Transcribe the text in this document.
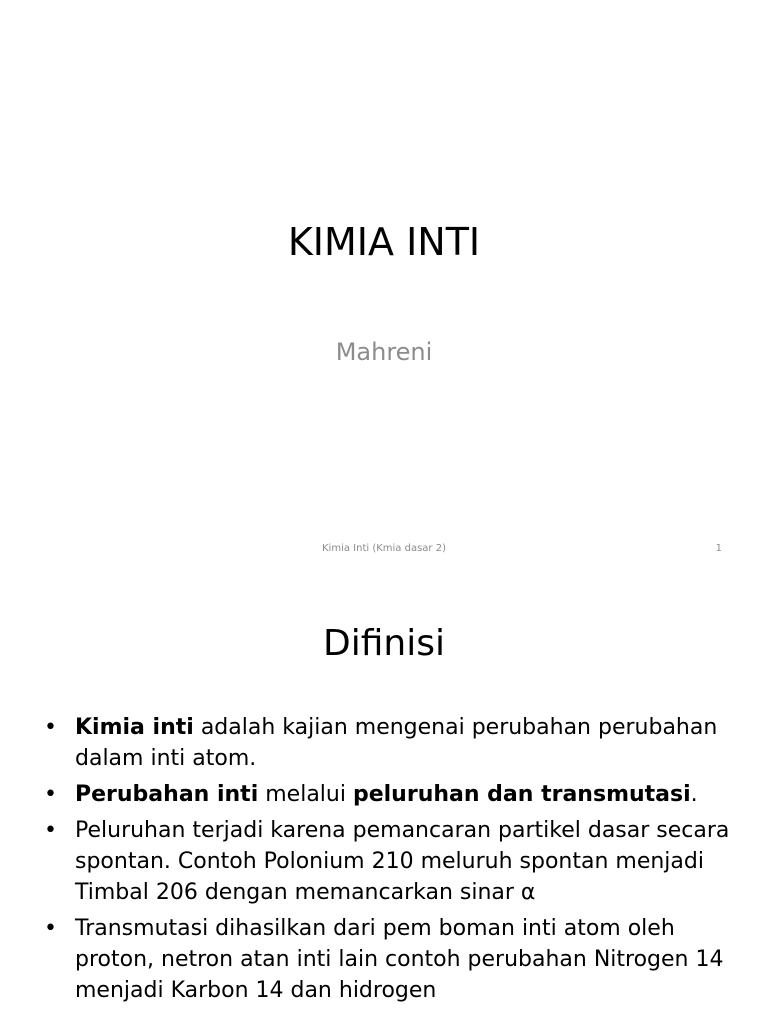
KIMIA INTI

Mahreni

Kimia Inti (Kmia dasar 2)	1
Difinisi
• Kimia inti adalah kajian mengenai perubahan perubahan dalam inti atom.
• Perubahan inti melalui peluruhan dan transmutasi.
• Peluruhan terjadi karena pemancaran partikel dasar secara spontan. Contoh Polonium 210 meluruh spontan menjadi Timbal 206 dengan memancarkan sinar α
• Transmutasi dihasilkan dari pem boman inti atom oleh proton, netron atan inti lain contoh perubahan Nitrogen 14 menjadi Karbon 14 dan hidrogen
